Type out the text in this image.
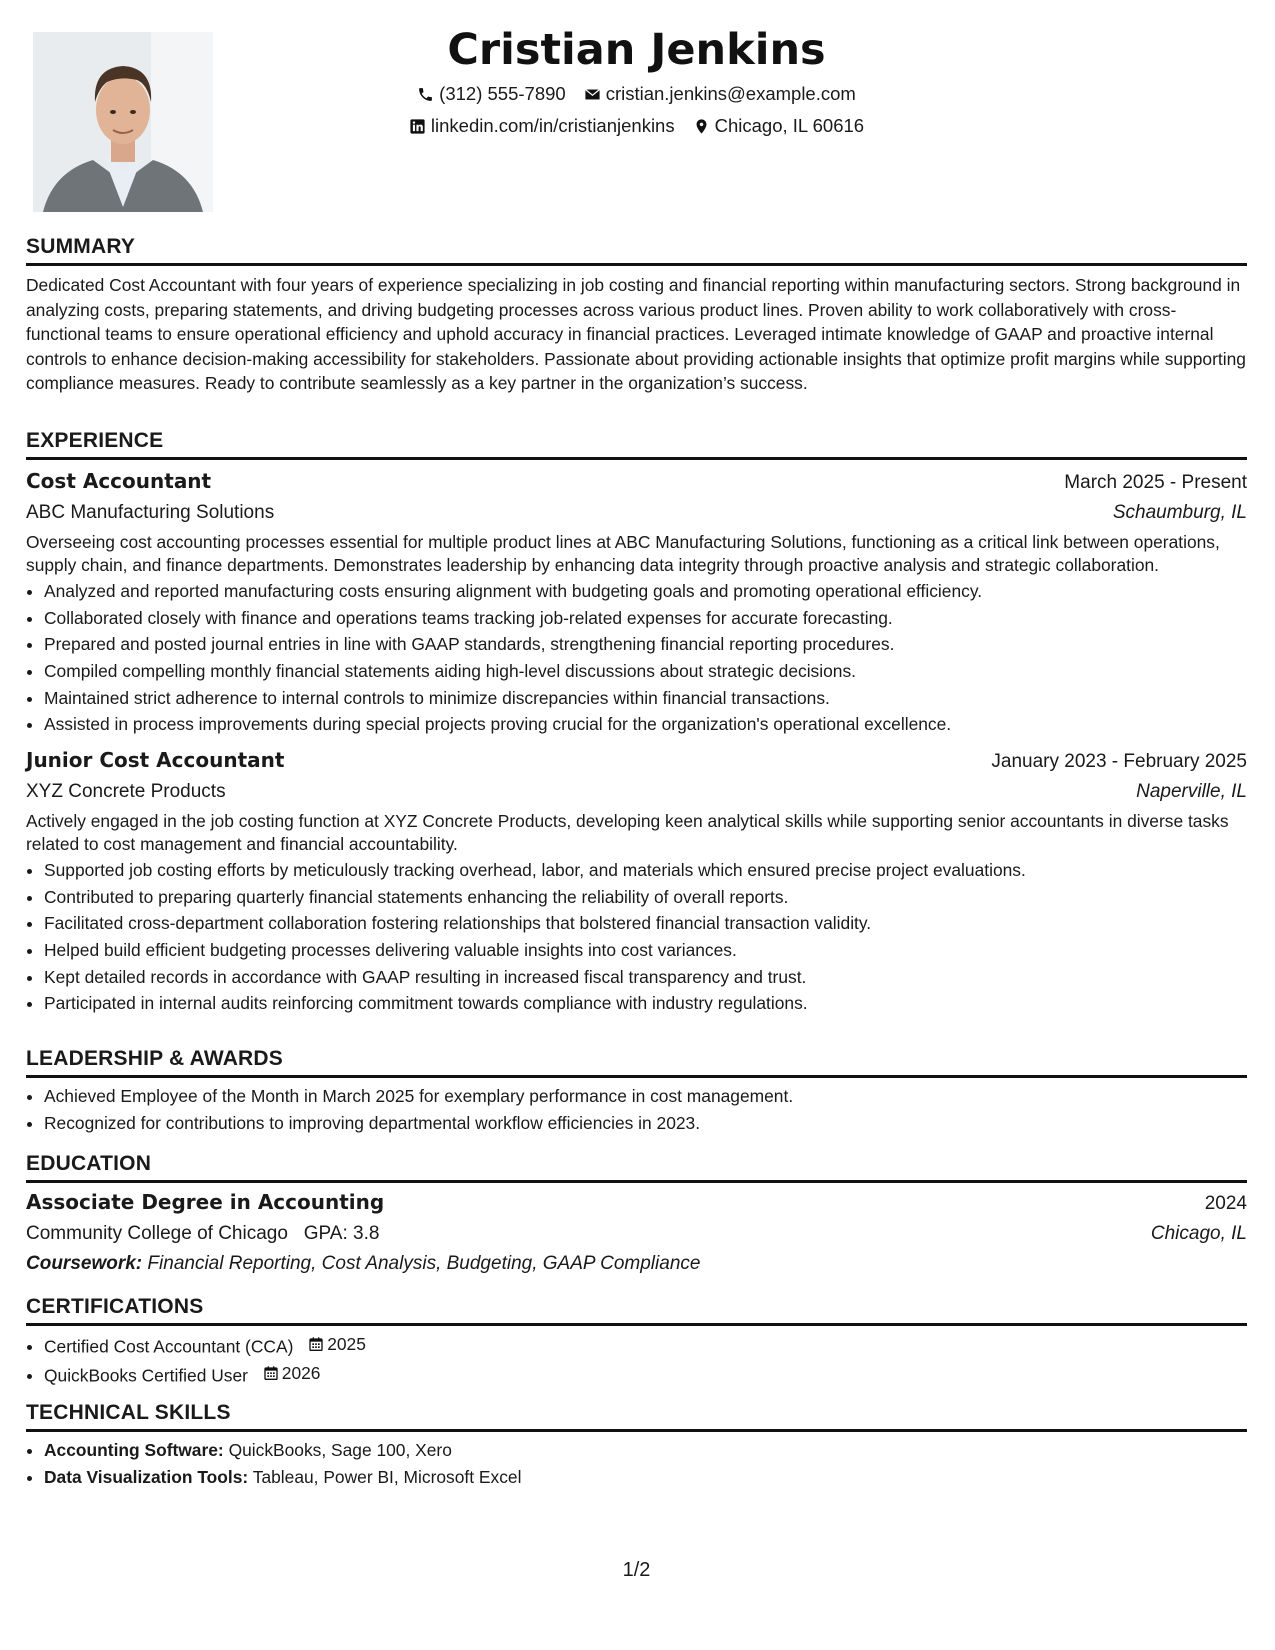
Cristian Jenkins
(312) 555-7890 cristian.jenkins@example.com
linkedin.com/in/cristianjenkins Chicago, IL 60616
SUMMARY

Dedicated Cost Accountant with four years of experience specializing in job costing and financial reporting within manufacturing sectors. Strong background in analyzing costs, preparing statements, and driving budgeting processes across various product lines. Proven ability to work collaboratively with cross-functional teams to ensure operational efficiency and uphold accuracy in financial practices. Leveraged intimate knowledge of GAAP and proactive internal controls to enhance decision-making accessibility for stakeholders. Passionate about providing actionable insights that optimize profit margins while supporting compliance measures. Ready to contribute seamlessly as a key partner in the organization’s success.

EXPERIENCE
Cost Accountant	March 2025 - Present
ABC Manufacturing Solutions	Schaumburg, IL

Overseeing cost accounting processes essential for multiple product lines at ABC Manufacturing Solutions, functioning as a critical link between operations, supply chain, and finance departments. Demonstrates leadership by enhancing data integrity through proactive analysis and strategic collaboration.

• Analyzed and reported manufacturing costs ensuring alignment with budgeting goals and promoting operational efficiency.
• Collaborated closely with finance and operations teams tracking job-related expenses for accurate forecasting.
• Prepared and posted journal entries in line with GAAP standards, strengthening financial reporting procedures.
• Compiled compelling monthly financial statements aiding high-level discussions about strategic decisions.
• Maintained strict adherence to internal controls to minimize discrepancies within financial transactions.
• Assisted in process improvements during special projects proving crucial for the organization's operational excellence.
Junior Cost Accountant	January 2023 - February 2025
XYZ Concrete Products	Naperville, IL

Actively engaged in the job costing function at XYZ Concrete Products, developing keen analytical skills while supporting senior accountants in diverse tasks related to cost management and financial accountability.

• Supported job costing efforts by meticulously tracking overhead, labor, and materials which ensured precise project evaluations.
• Contributed to preparing quarterly financial statements enhancing the reliability of overall reports.
• Facilitated cross-department collaboration fostering relationships that bolstered financial transaction validity.
• Helped build efficient budgeting processes delivering valuable insights into cost variances.
• Kept detailed records in accordance with GAAP resulting in increased fiscal transparency and trust.
• Participated in internal audits reinforcing commitment towards compliance with industry regulations.
LEADERSHIP & AWARDS
• Achieved Employee of the Month in March 2025 for exemplary performance in cost management.
• Recognized for contributions to improving departmental workflow efficiencies in 2023.
EDUCATION
Associate Degree in Accounting	2024
Community College of Chicago GPA: 3.8	Chicago, IL
Coursework: Financial Reporting, Cost Analysis, Budgeting, GAAP Compliance
CERTIFICATIONS
• Certified Cost Accountant (CCA) 2025
• QuickBooks Certified User 2026
TECHNICAL SKILLS
• Accounting Software: QuickBooks, Sage 100, Xero
• Data Visualization Tools: Tableau, Power BI, Microsoft Excel
1/2
